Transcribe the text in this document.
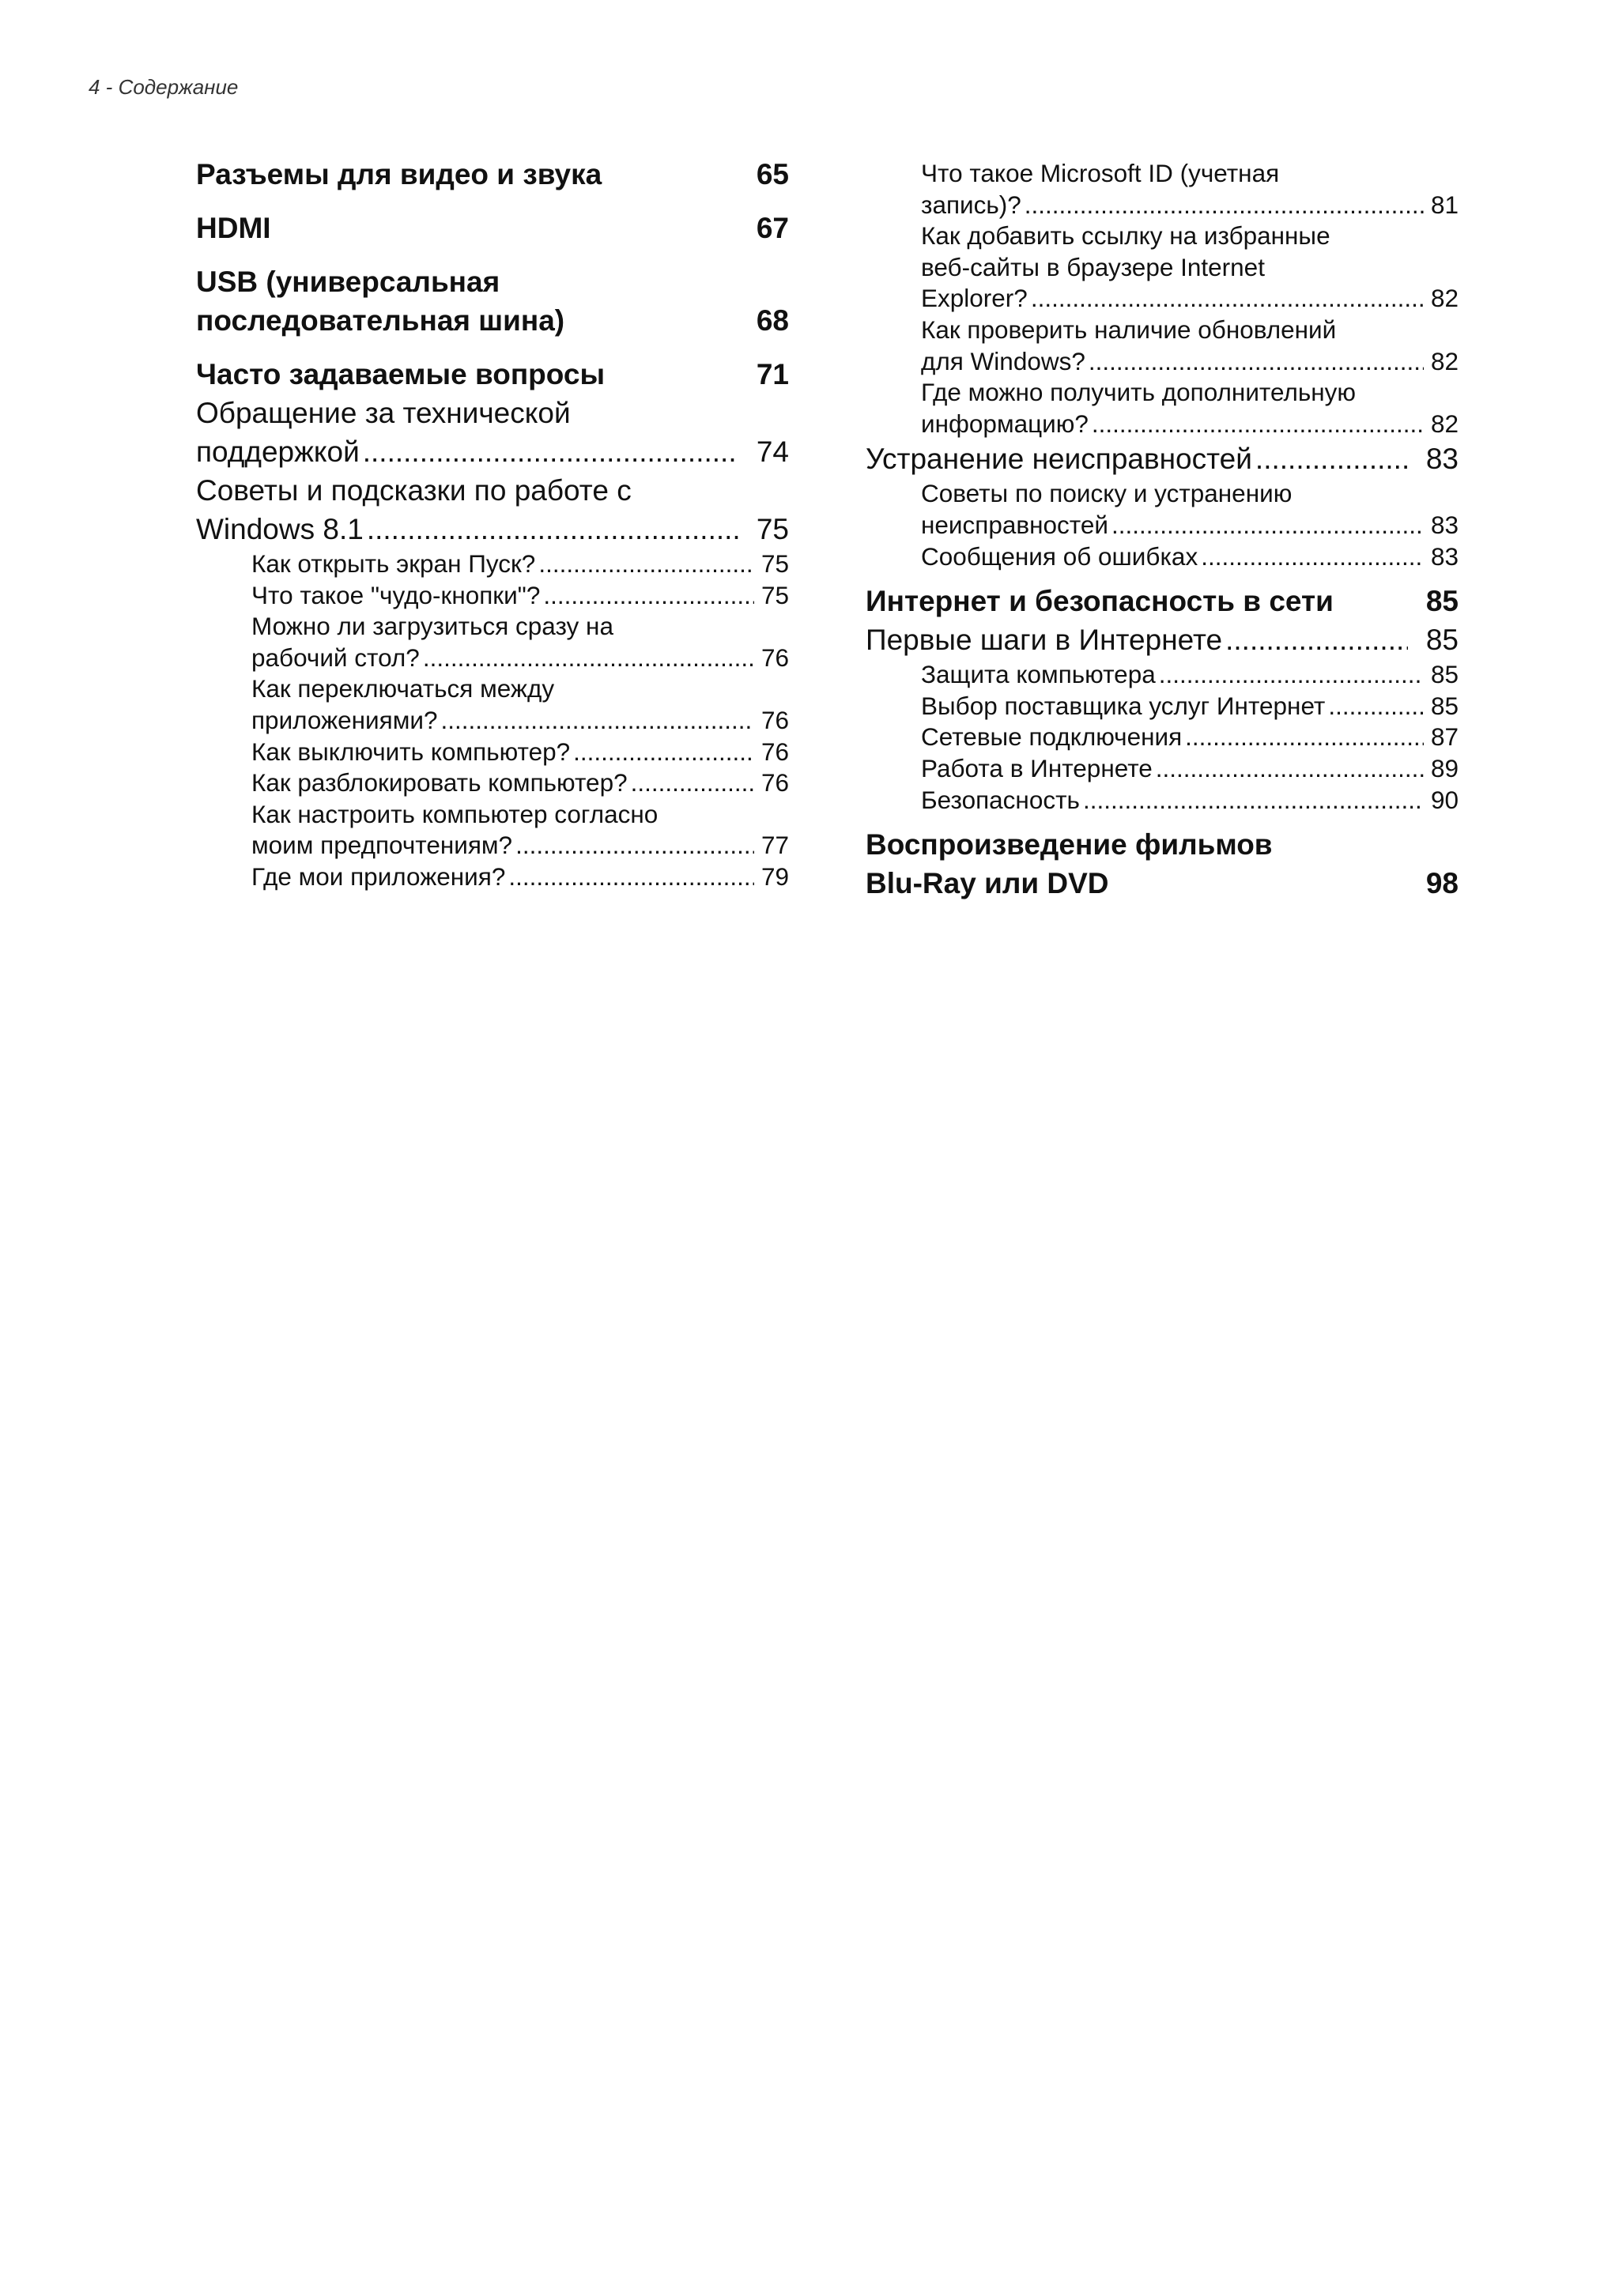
4 - Содержание
Разъемы для видео и звука	65
HDMI	67
USB (универсальная
последовательная шина)	68
Часто задаваемые вопросы	71
Обращение за технической
поддержкой .....	74
Советы и подсказки по работе с
Windows 8.1 .....	75
Как открыть экран Пуск? .....	75
Что такое "чудо-кнопки"? .....	75
Можно ли загрузиться сразу на
рабочий стол? .....	76
Как переключаться между
приложениями? .....	76
Как выключить компьютер? .....	76
Как разблокировать компьютер? .....	76
Как настроить компьютер согласно
моим предпочтениям? .....	77
Где мои приложения? .....	79
Что такое Microsoft ID (учетная
запись)? .....	81
Как добавить ссылку на избранные
веб-сайты в браузере Internet
Explorer? .....	82
Как проверить наличие обновлений
для Windows? .....	82
Где можно получить дополнительную
информацию? .....	82
Устранение неисправностей .....	83
Советы по поиску и устранению
неисправностей .....	83
Сообщения об ошибках .....	83
Интернет и безопасность в сети	85
Первые шаги в Интернете .....	85
Защита компьютера .....	85
Выбор поставщика услуг Интернет .....	85
Сетевые подключения .....	87
Работа в Интернете .....	89
Безопасность .....	90
Воспроизведение фильмов
Blu-Ray или DVD	98
